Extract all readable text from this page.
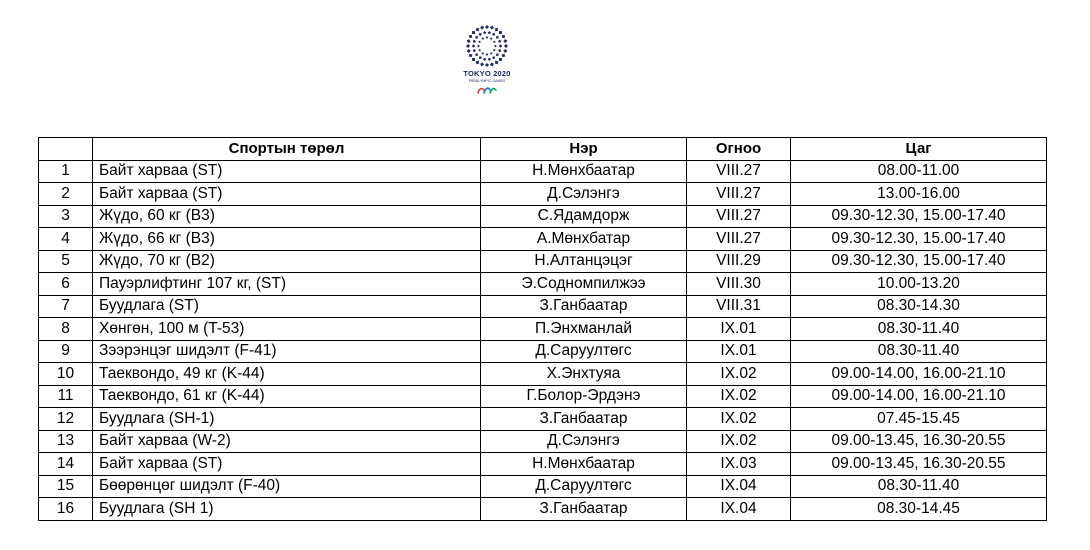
TOKYO 2020
PARALYMPIC GAMES
	Спортын төрөл	Нэр	Огноо	Цаг
1	Байт харваа (ST)	Н.Мөнхбаатар	VIII.27	08.00-11.00
2	Байт харваа (ST)	Д.Сэлэнгэ	VIII.27	13.00-16.00
3	Жүдо, 60 кг (B3)	С.Ядамдорж	VIII.27	09.30-12.30, 15.00-17.40
4	Жүдо, 66 кг (B3)	А.Мөнхбатар	VIII.27	09.30-12.30, 15.00-17.40
5	Жүдо, 70 кг (B2)	Н.Алтанцэцэг	VIII.29	09.30-12.30, 15.00-17.40
6	Пауэрлифтинг 107 кг, (ST)	Э.Содномпилжээ	VIII.30	10.00-13.20
7	Буудлага (ST)	З.Ганбаатар	VIII.31	08.30-14.30
8	Хөнгөн, 100 м (T-53)	П.Энхманлай	IX.01	08.30-11.40
9	Зээрэнцэг шидэлт (F-41)	Д.Саруултөгс	IX.01	08.30-11.40
10	Таеквондо, 49 кг (K-44)	Х.Энхтуяа	IX.02	09.00-14.00, 16.00-21.10
11	Таеквондо, 61 кг (K-44)	Г.Болор-Эрдэнэ	IX.02	09.00-14.00, 16.00-21.10
12	Буудлага (SH-1)	З.Ганбаатар	IX.02	07.45-15.45
13	Байт харваа (W-2)	Д.Сэлэнгэ	IX.02	09.00-13.45, 16.30-20.55
14	Байт харваа (ST)	Н.Мөнхбаатар	IX.03	09.00-13.45, 16.30-20.55
15	Бөөрөнцөг шидэлт (F-40)	Д.Саруултөгс	IX.04	08.30-11.40
16	Буудлага (SH 1)	З.Ганбаатар	IX.04	08.30-14.45
